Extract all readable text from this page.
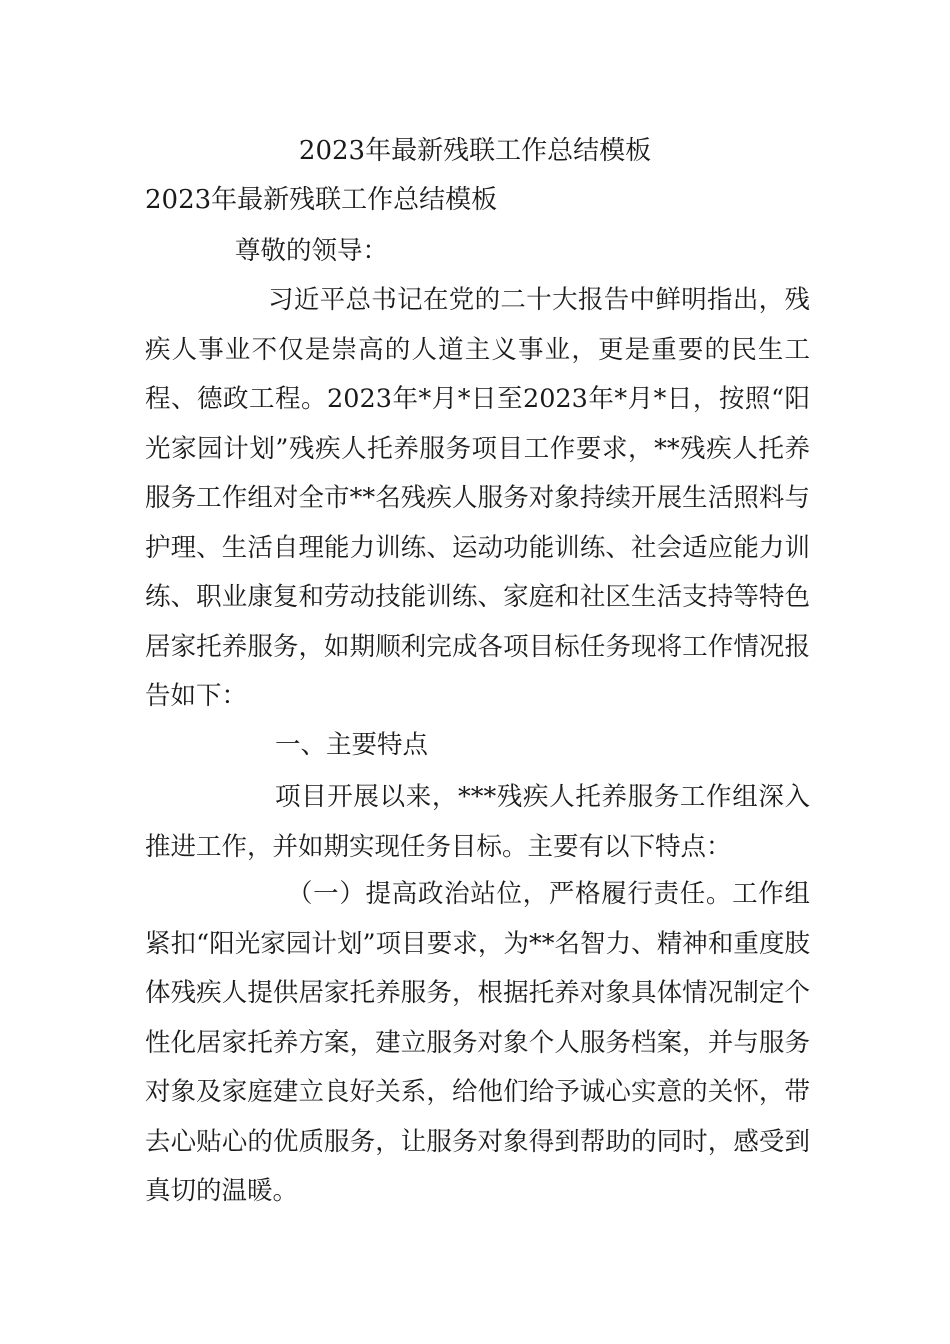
2023年最新残联工作总结模板
2023年最新残联工作总结模板
尊敬的领导：
习近平总书记在党的二十大报告中鲜明指出，残疾人事业不仅是崇高的人道主义事业，更是重要的民生工程、德政工程。2023年*月*日至2023年*月*日，按照“阳光家园计划”残疾人托养服务项目工作要求，**残疾人托养服务工作组对全市**名残疾人服务对象持续开展生活照料与护理、生活自理能力训练、运动功能训练、社会适应能力训练、职业康复和劳动技能训练、家庭和社区生活支持等特色居家托养服务，如期顺利完成各项目标任务现将工作情况报告如下：
一、主要特点
项目开展以来，***残疾人托养服务工作组深入推进工作，并如期实现任务目标。主要有以下特点：
（一）提高政治站位，严格履行责任。工作组紧扣“阳光家园计划”项目要求，为**名智力、精神和重度肢体残疾人提供居家托养服务，根据托养对象具体情况制定个性化居家托养方案，建立服务对象个人服务档案，并与服务对象及家庭建立良好关系，给他们给予诚心实意的关怀，带去心贴心的优质服务，让服务对象得到帮助的同时，感受到真切的温暖。
